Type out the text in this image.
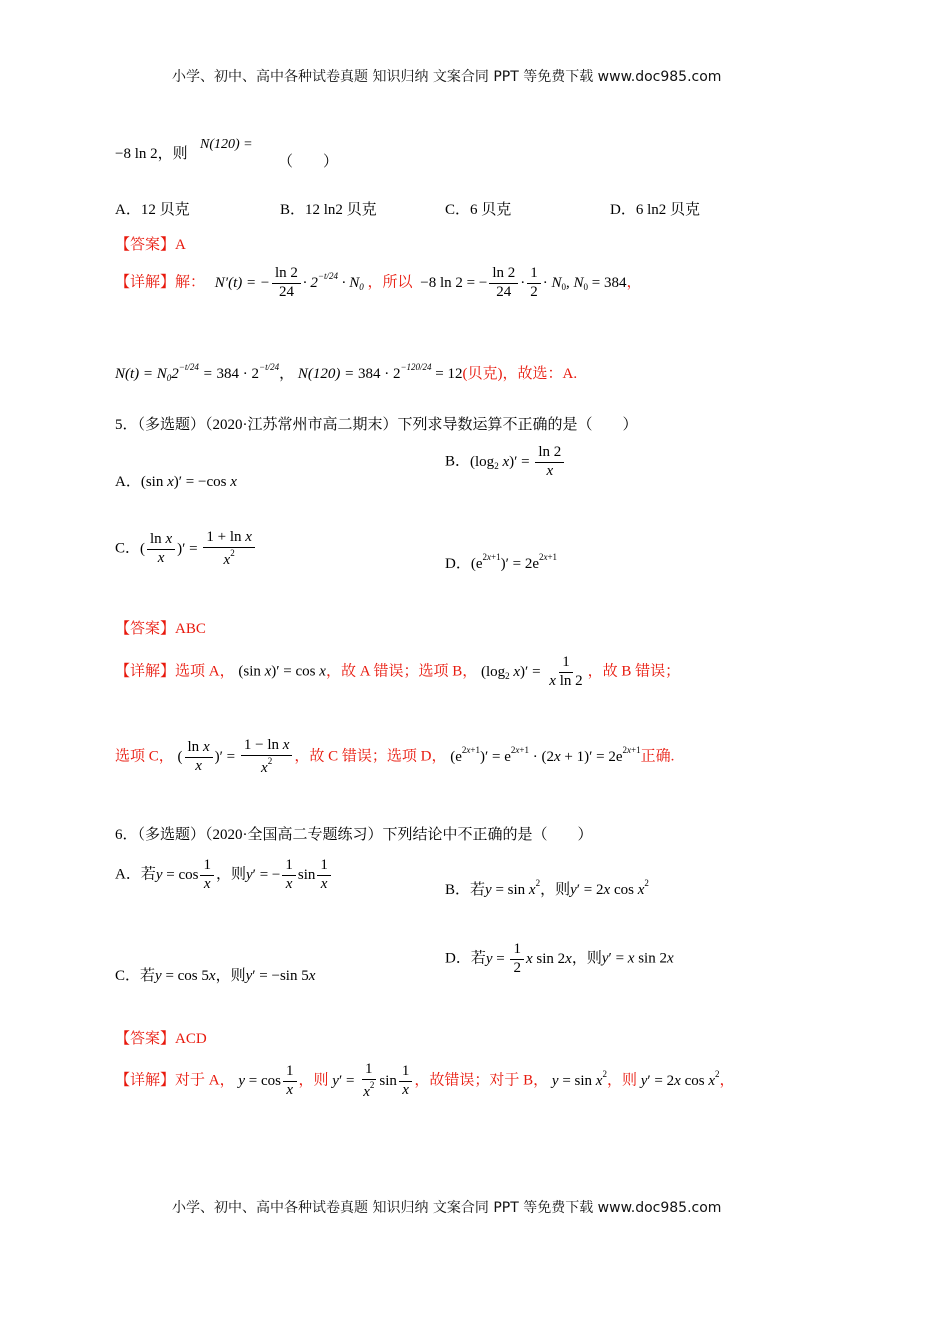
小学、初中、高中各种试卷真题 知识归纳 文案合同 PPT 等免费下载 www.doc985.com
−8 ln 2，则
N(120) =
（　　）
A．12 贝克	B．12 ln2 贝克	C．6 贝克	D．6 ln2 贝克
【答案】A
【详解】解： N′(t) = − $\frac{\ln 2}{24} \cdot 2^{-t/24} \cdot N_0$ ，所以 −8 ln 2 = − $\frac{\ln 2}{24} \cdot \frac{1}{2} \cdot N_0$, $N_0 = 384$，
$N(t) = N_02^{-t/24} = 384 \cdot 2^{-t/24}$， $N(120) = 384 \cdot 2^{-120/24} = 12$(贝克)，故选：A.
5．（多选题）（2020·江苏常州市高二期末）下列求导数运算不正确的是（　　）
A．(sin x)′ = −cos x
B．($\log_2$ $x)' = \frac{\ln 2}{x}$
C．( $\frac{\text{ln x}}{x}$ )′ = $\frac{\text{1 + ln x}}{x^2}$	D．$(e^{2x+1})' = 2e^{2x+1}$
【答案】ABC
【详解】选项 A， (sin x)′ = cos x，故 A 错误；选项 B， ($\log_2$ $x)' = \frac{1}{\text{x ln 2}}$ ，故 B 错误；
选项 C， ( $\frac{\text{ln x}}{x}$ )′ = $\frac{\text{1 − ln x}}{x^2}$ ，故 C 错误；选项 D， $(e^{2x+1})' = e^{2x+1} \cdot (2x + 1)' = 2e^{2x+1}$正确.
6．（多选题）（2020·全国高二专题练习）下列结论中不正确的是（　　）
A．若$y = \cos \frac{1}{x}$ ，则y′ = − $\frac{1}{x}$ $\sin \frac{1}{x}$	B．若$y = \sin x^2$，则y′ = 2x $\cos x^2$
C．若y = cos 5x，则y′ = −sin 5x
D．若$y = \frac{1}{2}$ x sin 2x，则y′ = x sin 2x
【答案】ACD
【详解】对于 A， $y = \cos \frac{1}{x}$ ，则 $y' = \frac{1}{x^2}$ $\sin \frac{1}{x}$ ，故错误；对于 B， $y = \sin x^2$，则 y′ = 2x $\cos x^2$，
小学、初中、高中各种试卷真题 知识归纳 文案合同 PPT 等免费下载 www.doc985.com
